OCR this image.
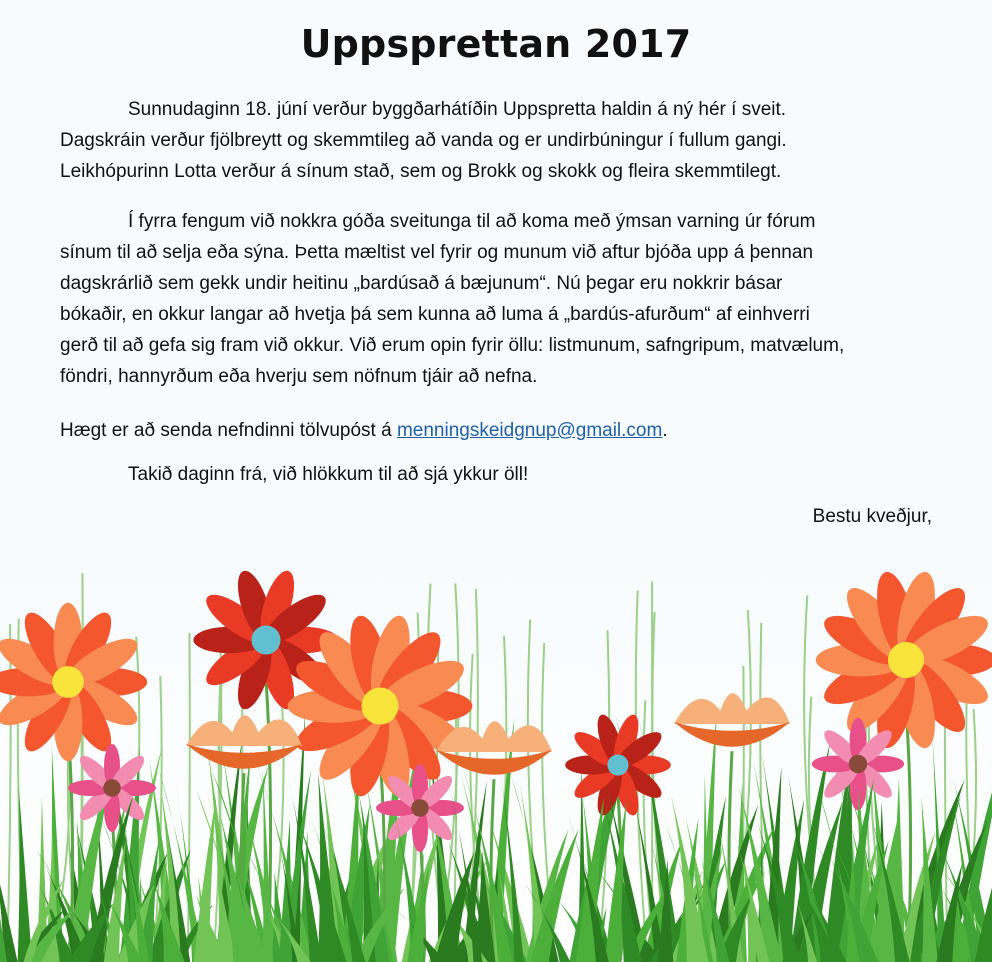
Uppsprettan 2017
Sunnudaginn 18. júní verður byggðarhátíðin Uppspretta haldin á ný hér í sveit.
Dagskráin verður fjölbreytt og skemmtileg að vanda og er undirbúningur í fullum gangi.
Leikhópurinn Lotta verður á sínum stað, sem og Brokk og skokk og fleira skemmtilegt.
Í fyrra fengum við nokkra góða sveitunga til að koma með ýmsan varning úr fórum
sínum til að selja eða sýna. Þetta mæltist vel fyrir og munum við aftur bjóða upp á þennan
dagskrárlið sem gekk undir heitinu „bardúsað á bæjunum“. Nú þegar eru nokkrir básar
bókaðir, en okkur langar að hvetja þá sem kunna að luma á „bardús-afurðum“ af einhverri
gerð til að gefa sig fram við okkur. Við erum opin fyrir öllu: listmunum, safngripum, matvælum,
föndri, hannyrðum eða hverju sem nöfnum tjáir að nefna.
Hægt er að senda nefndinni tölvupóst á menningskeidgnup@gmail.com.
Takið daginn frá, við hlökkum til að sjá ykkur öll!
Bestu kveðjur,
